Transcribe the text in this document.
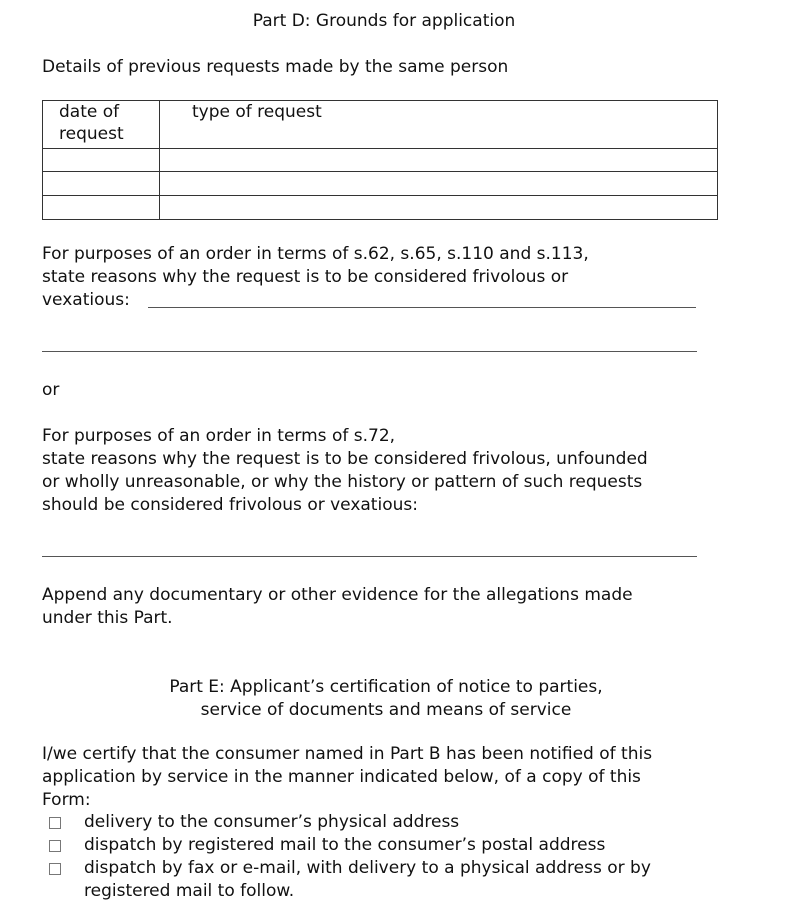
Part D: Grounds for application
Details of previous requests made by the same person
date of
request	type of request

For purposes of an order in terms of s.62, s.65, s.110 and s.113,
state reasons why the request is to be considered frivolous or
vexatious:
or
For purposes of an order in terms of s.72,
state reasons why the request is to be considered frivolous, unfounded
or wholly unreasonable, or why the history or pattern of such requests
should be considered frivolous or vexatious:
Append any documentary or other evidence for the allegations made
under this Part.
Part E: Applicant’s certification of notice to parties,
service of documents and means of service
I/we certify that the consumer named in Part B has been notified of this
application by service in the manner indicated below, of a copy of this
Form:
delivery to the consumer’s physical address
dispatch by registered mail to the consumer’s postal address
dispatch by fax or e-mail, with delivery to a physical address or by
registered mail to follow.
